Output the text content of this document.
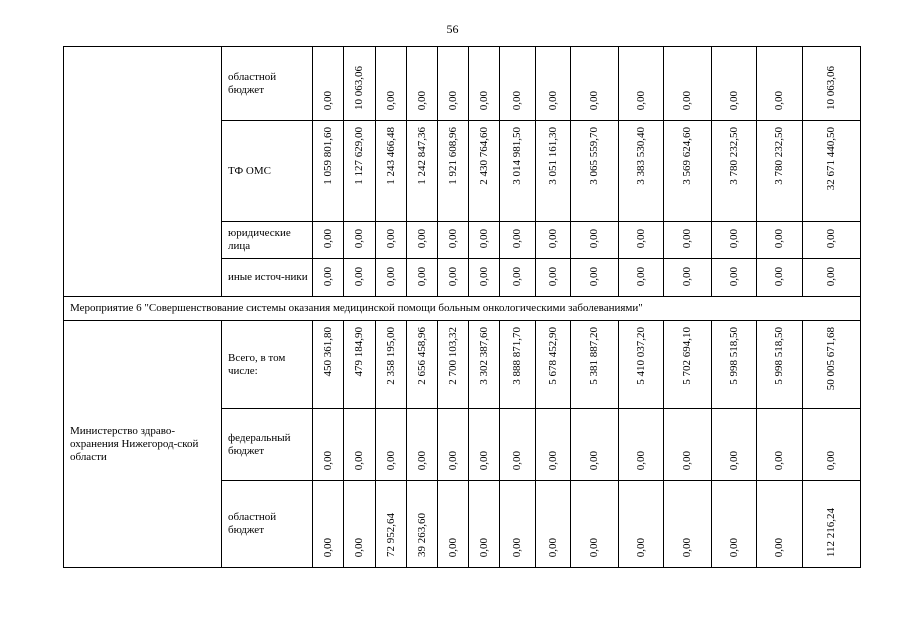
56
	областной бюджет	0,00	10 063,06	0,00	0,00	0,00	0,00	0,00	0,00	0,00	0,00	0,00	0,00	0,00	10 063,06
	ТФ ОМС	1 059 801,60	1 127 629,00	1 243 466,48	1 242 847,36	1 921 608,96	2 430 764,60	3 014 981,50	3 051 161,30	3 065 559,70	3 383 530,40	3 569 624,60	3 780 232,50	3 780 232,50	32 671 440,50
	юридические лица	0,00	0,00	0,00	0,00	0,00	0,00	0,00	0,00	0,00	0,00	0,00	0,00	0,00	0,00
	иные источ-ники	0,00	0,00	0,00	0,00	0,00	0,00	0,00	0,00	0,00	0,00	0,00	0,00	0,00	0,00
Мероприятие 6 "Совершенствование системы оказания медицинской помощи больным онкологическими заболеваниями"															
Министерство здраво-охранения Нижегород-ской области	Всего, в том числе:	450 361,80	479 184,90	2 358 195,00	2 656 458,96	2 700 103,32	3 302 387,60	3 888 871,70	5 678 452,90	5 381 887,20	5 410 037,20	5 702 694,10	5 998 518,50	5 998 518,50	50 005 671,68
	федеральный бюджет	0,00	0,00	0,00	0,00	0,00	0,00	0,00	0,00	0,00	0,00	0,00	0,00	0,00	0,00
	областной бюджет	0,00	0,00	72 952,64	39 263,60	0,00	0,00	0,00	0,00	0,00	0,00	0,00	0,00	0,00	112 216,24
